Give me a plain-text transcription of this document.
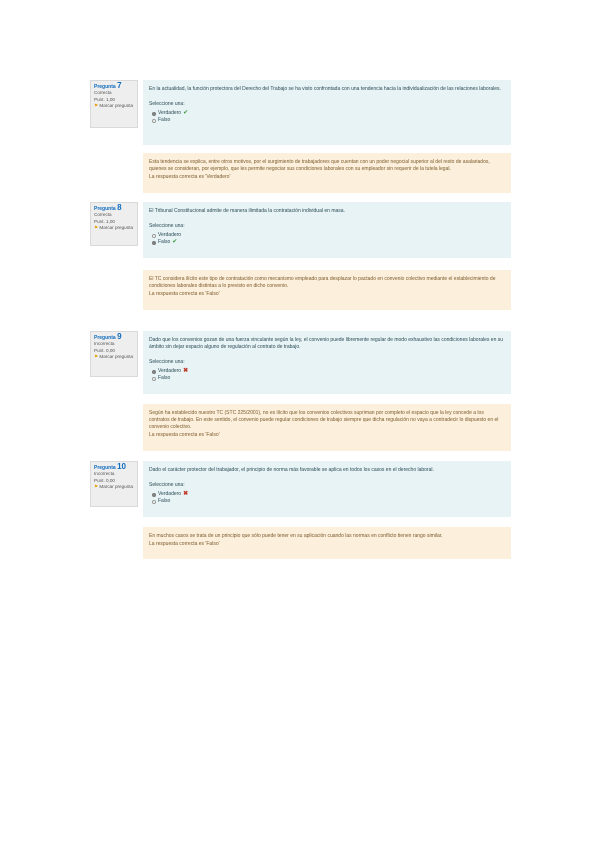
Pregunta 7
Correcta
Punt. 1,00
⚑ Marcar pregunta
En la actualidad, la función protectora del Derecho del Trabajo se ha visto confrontada con una tendencia hacia la individualización de las relaciones laborales.
Seleccione una:
Verdadero ✔
Falso
Esta tendencia se explica, entre otros motivos, por el surgimiento de trabajadores que cuentan con un poder negocial superior al del resto de asalariados, quienes se consideran, por ejemplo, que les permite negociar sus condiciones laborales con su empleador sin requerir de la tutela legal.
La respuesta correcta es 'Verdadero'
Pregunta 8
Correcta
Punt. 1,00
⚑ Marcar pregunta
El Tribunal Constitucional admite de manera ilimitada la contratación individual en masa.
Seleccione una:
Verdadero
Falso ✔
El TC considera ilícito este tipo de contratación como mecanismo empleado para desplazar lo pactado en convenio colectivo mediante el establecimiento de condiciones laborales distintas a lo previsto en dicho convenio.
La respuesta correcta es 'Falso'
Pregunta 9
Incorrecta
Punt. 0,00
⚑ Marcar pregunta
Dado que los convenios gozan de una fuerza vinculante según la ley, el convenio puede libremente regular de modo exhaustivo las condiciones laborales en su ámbito sin dejar espacio alguno de regulación al contrato de trabajo.
Seleccione una:
Verdadero ✖
Falso
Según ha establecido nuestro TC (STC 225/2001), no es ilícito que los convenios colectivos supriman por completo el espacio que la ley concede a los contratos de trabajo. En este sentido, el convenio puede regular condiciones de trabajo siempre que dicha regulación no vaya a contradecir lo dispuesto en el convenio colectivo.
La respuesta correcta es 'Falso'
Pregunta 10
Incorrecta
Punt. 0,00
⚑ Marcar pregunta
Dado el carácter protector del trabajador, el principio de norma más favorable se aplica en todos los casos en el derecho laboral.
Seleccione una:
Verdadero ✖
Falso
En muchos casos se trata de un principio que sólo puede tener en su aplicación cuando las normas en conflicto tienen rango similar.
La respuesta correcta es 'Falso'
